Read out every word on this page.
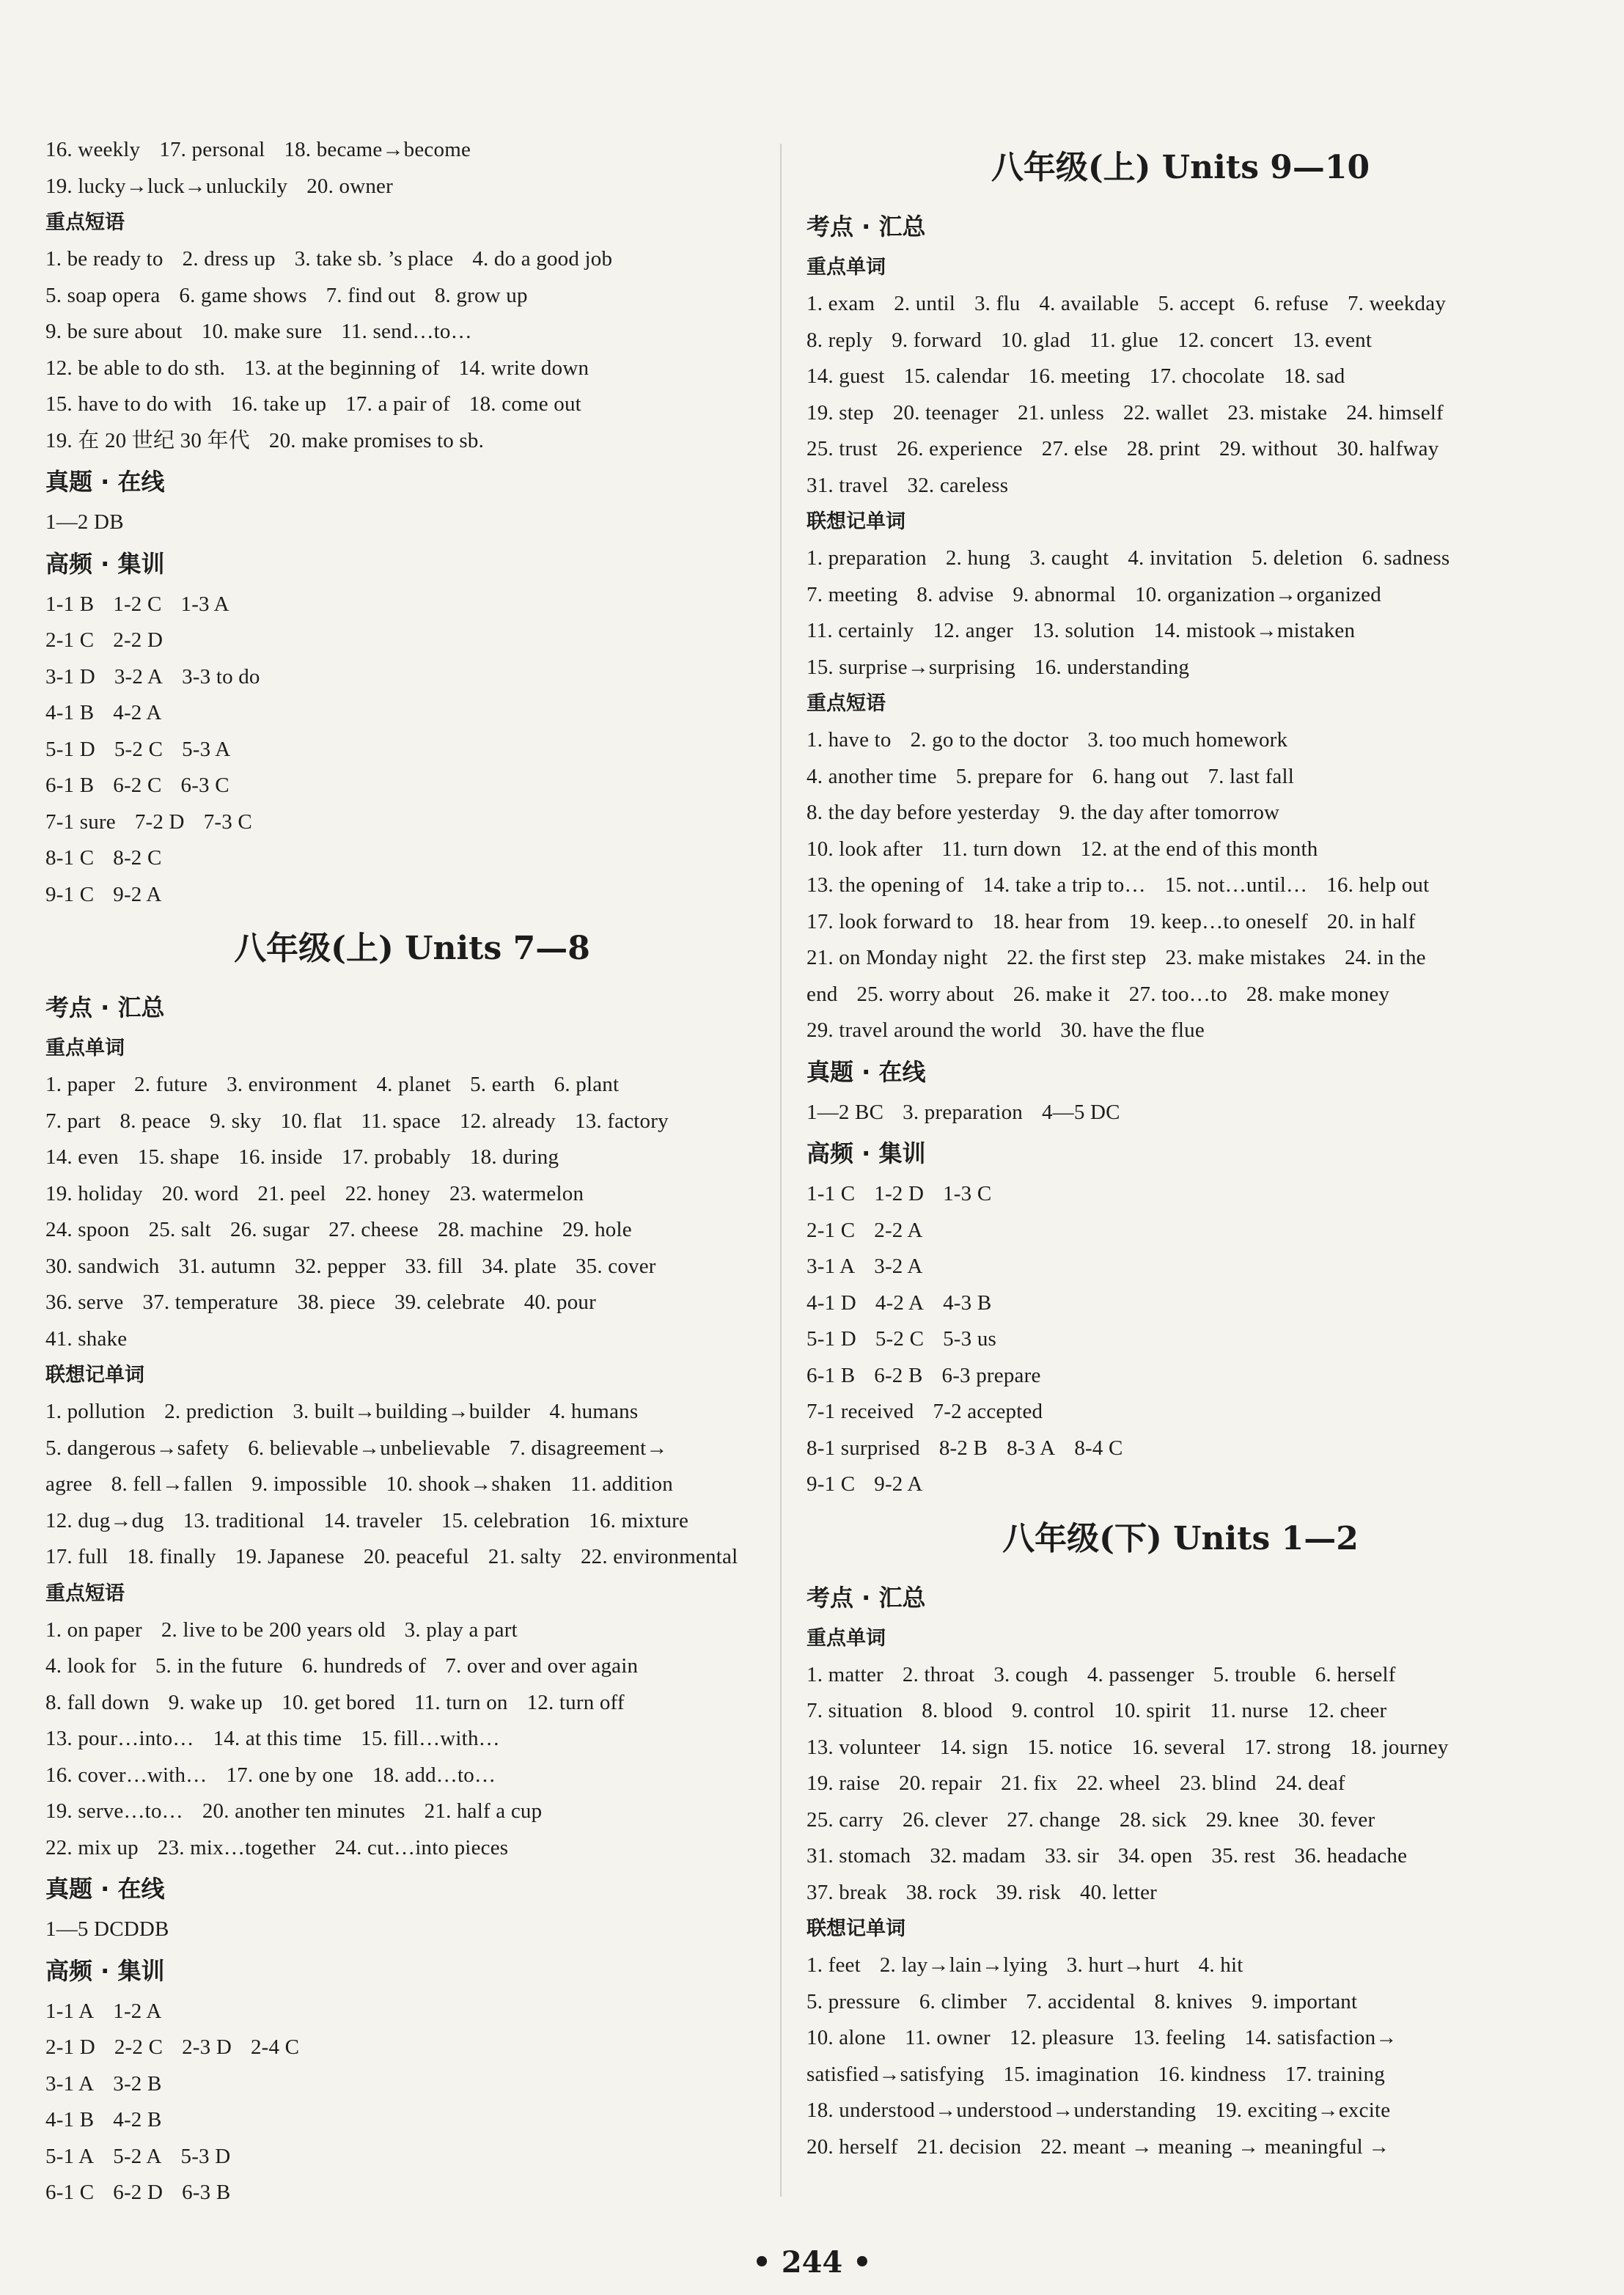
16. weekly 17. personal 18. became→become
19. lucky→luck→unluckily 20. owner
重点短语
1. be ready to 2. dress up 3. take sb. ’s place 4. do a good job
5. soap opera 6. game shows 7. find out 8. grow up
9. be sure about 10. make sure 11. send…to…
12. be able to do sth. 13. at the beginning of 14. write down
15. have to do with 16. take up 17. a pair of 18. come out
19. 在 20 世纪 30 年代 20. make promises to sb.
真题 · 在线
1—2 DB
高频 · 集训
1-1 B 1-2 C 1-3 A
2-1 C 2-2 D
3-1 D 3-2 A 3-3 to do
4-1 B 4-2 A
5-1 D 5-2 C 5-3 A
6-1 B 6-2 C 6-3 C
7-1 sure 7-2 D 7-3 C
8-1 C 8-2 C
9-1 C 9-2 A
八年级(上) Units 7—8
考点 · 汇总
重点单词
1. paper 2. future 3. environment 4. planet 5. earth 6. plant
7. part 8. peace 9. sky 10. flat 11. space 12. already 13. factory
14. even 15. shape 16. inside 17. probably 18. during
19. holiday 20. word 21. peel 22. honey 23. watermelon
24. spoon 25. salt 26. sugar 27. cheese 28. machine 29. hole
30. sandwich 31. autumn 32. pepper 33. fill 34. plate 35. cover
36. serve 37. temperature 38. piece 39. celebrate 40. pour
41. shake
联想记单词
1. pollution 2. prediction 3. built→building→builder 4. humans
5. dangerous→safety 6. believable→unbelievable 7. disagreement→
agree 8. fell→fallen 9. impossible 10. shook→shaken 11. addition
12. dug→dug 13. traditional 14. traveler 15. celebration 16. mixture
17. full 18. finally 19. Japanese 20. peaceful 21. salty 22. environmental
重点短语
1. on paper 2. live to be 200 years old 3. play a part
4. look for 5. in the future 6. hundreds of 7. over and over again
8. fall down 9. wake up 10. get bored 11. turn on 12. turn off
13. pour…into… 14. at this time 15. fill…with…
16. cover…with… 17. one by one 18. add…to…
19. serve…to… 20. another ten minutes 21. half a cup
22. mix up 23. mix…together 24. cut…into pieces
真题 · 在线
1—5 DCDDB
高频 · 集训
1-1 A 1-2 A
2-1 D 2-2 C 2-3 D 2-4 C
3-1 A 3-2 B
4-1 B 4-2 B
5-1 A 5-2 A 5-3 D
6-1 C 6-2 D 6-3 B
八年级(上) Units 9—10
考点 · 汇总
重点单词
1. exam 2. until 3. flu 4. available 5. accept 6. refuse 7. weekday
8. reply 9. forward 10. glad 11. glue 12. concert 13. event
14. guest 15. calendar 16. meeting 17. chocolate 18. sad
19. step 20. teenager 21. unless 22. wallet 23. mistake 24. himself
25. trust 26. experience 27. else 28. print 29. without 30. halfway
31. travel 32. careless
联想记单词
1. preparation 2. hung 3. caught 4. invitation 5. deletion 6. sadness
7. meeting 8. advise 9. abnormal 10. organization→organized
11. certainly 12. anger 13. solution 14. mistook→mistaken
15. surprise→surprising 16. understanding
重点短语
1. have to 2. go to the doctor 3. too much homework
4. another time 5. prepare for 6. hang out 7. last fall
8. the day before yesterday 9. the day after tomorrow
10. look after 11. turn down 12. at the end of this month
13. the opening of 14. take a trip to… 15. not…until… 16. help out
17. look forward to 18. hear from 19. keep…to oneself 20. in half
21. on Monday night 22. the first step 23. make mistakes 24. in the
end 25. worry about 26. make it 27. too…to 28. make money
29. travel around the world 30. have the flue
真题 · 在线
1—2 BC 3. preparation 4—5 DC
高频 · 集训
1-1 C 1-2 D 1-3 C
2-1 C 2-2 A
3-1 A 3-2 A
4-1 D 4-2 A 4-3 B
5-1 D 5-2 C 5-3 us
6-1 B 6-2 B 6-3 prepare
7-1 received 7-2 accepted
8-1 surprised 8-2 B 8-3 A 8-4 C
9-1 C 9-2 A
八年级(下) Units 1—2
考点 · 汇总
重点单词
1. matter 2. throat 3. cough 4. passenger 5. trouble 6. herself
7. situation 8. blood 9. control 10. spirit 11. nurse 12. cheer
13. volunteer 14. sign 15. notice 16. several 17. strong 18. journey
19. raise 20. repair 21. fix 22. wheel 23. blind 24. deaf
25. carry 26. clever 27. change 28. sick 29. knee 30. fever
31. stomach 32. madam 33. sir 34. open 35. rest 36. headache
37. break 38. rock 39. risk 40. letter
联想记单词
1. feet 2. lay→lain→lying 3. hurt→hurt 4. hit
5. pressure 6. climber 7. accidental 8. knives 9. important
10. alone 11. owner 12. pleasure 13. feeling 14. satisfaction→
satisfied→satisfying 15. imagination 16. kindness 17. training
18. understood→understood→understanding 19. exciting→excite
20. herself 21. decision 22. meant → meaning → meaningful →
• 244 •
